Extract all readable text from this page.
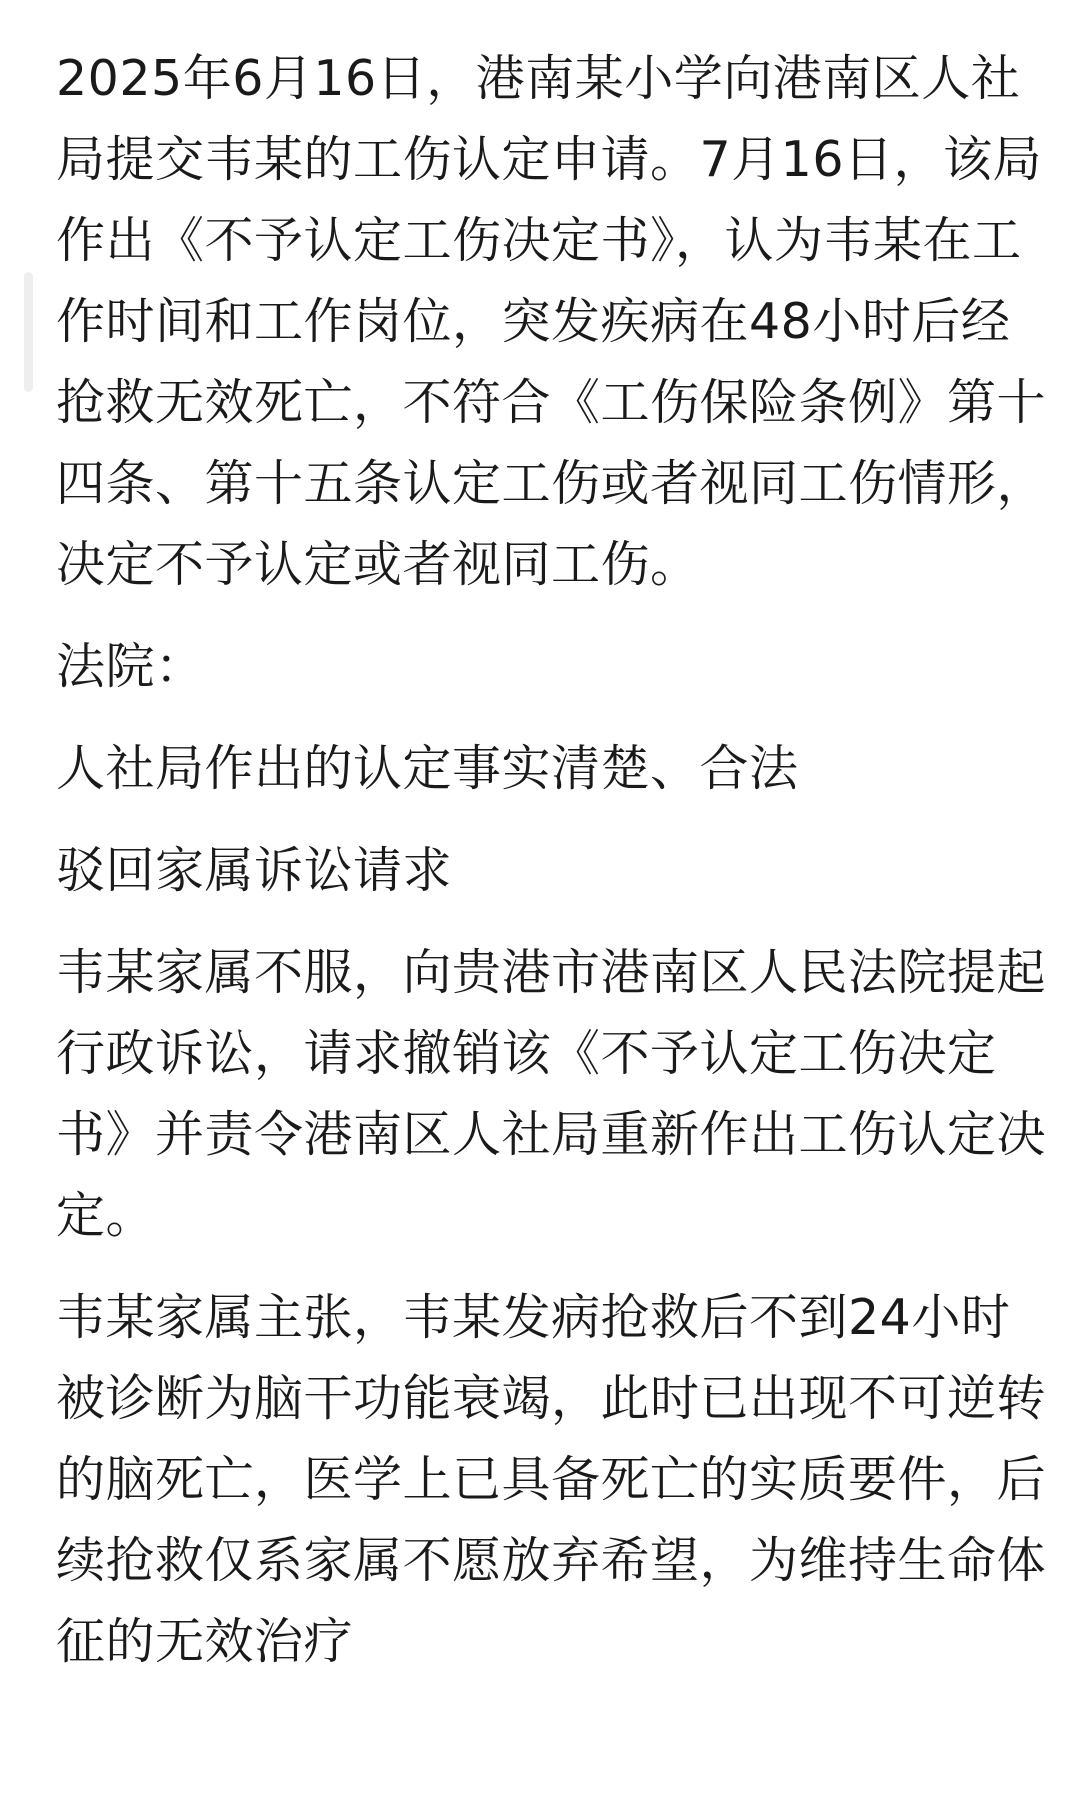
2025年6月16日，港南某小学向港南区人社局提交韦某的工伤认定申请。7月16日，该局作出《不予认定工伤决定书》，认为韦某在工作时间和工作岗位，突发疾病在48小时后经抢救无效死亡，不符合《工伤保险条例》第十四条、第十五条认定工伤或者视同工伤情形，决定不予认定或者视同工伤。

法院：

人社局作出的认定事实清楚、合法

驳回家属诉讼请求

韦某家属不服，向贵港市港南区人民法院提起行政诉讼，请求撤销该《不予认定工伤决定书》并责令港南区人社局重新作出工伤认定决定。

韦某家属主张，韦某发病抢救后不到24小时被诊断为脑干功能衰竭，此时已出现不可逆转的脑死亡，医学上已具备死亡的实质要件，后续抢救仅系家属不愿放弃希望，为维持生命体征的无效治疗
